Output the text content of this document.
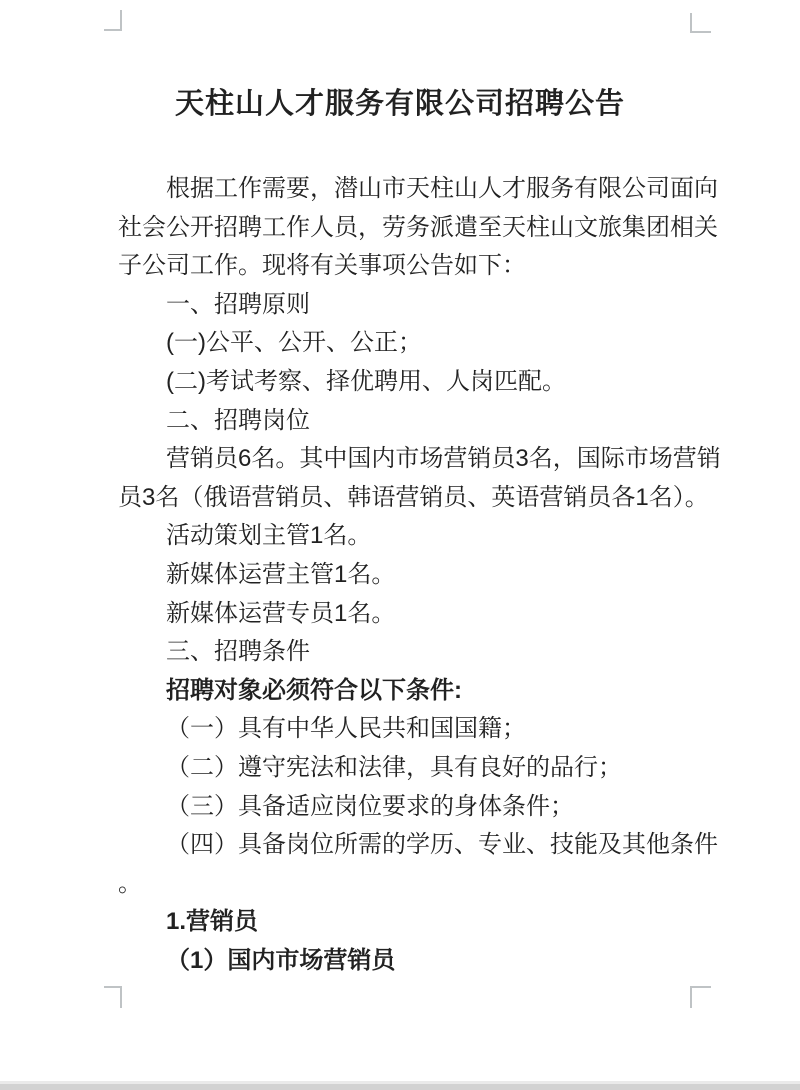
天柱山人才服务有限公司招聘公告
根据工作需要，潜山市天柱山人才服务有限公司面向
社会公开招聘工作人员，劳务派遣至天柱山文旅集团相关
子公司工作。现将有关事项公告如下：
一、招聘原则
(一)公平、公开、公正；
(二)考试考察、择优聘用、人岗匹配。
二、招聘岗位
营销员6名。其中国内市场营销员3名，国际市场营销
员3名（俄语营销员、韩语营销员、英语营销员各1名）。
活动策划主管1名。
新媒体运营主管1名。
新媒体运营专员1名。
三、招聘条件
招聘对象必须符合以下条件:
（一）具有中华人民共和国国籍；
（二）遵守宪法和法律，具有良好的品行；
（三）具备适应岗位要求的身体条件；
（四）具备岗位所需的学历、专业、技能及其他条件
。
1.营销员
（1）国内市场营销员
